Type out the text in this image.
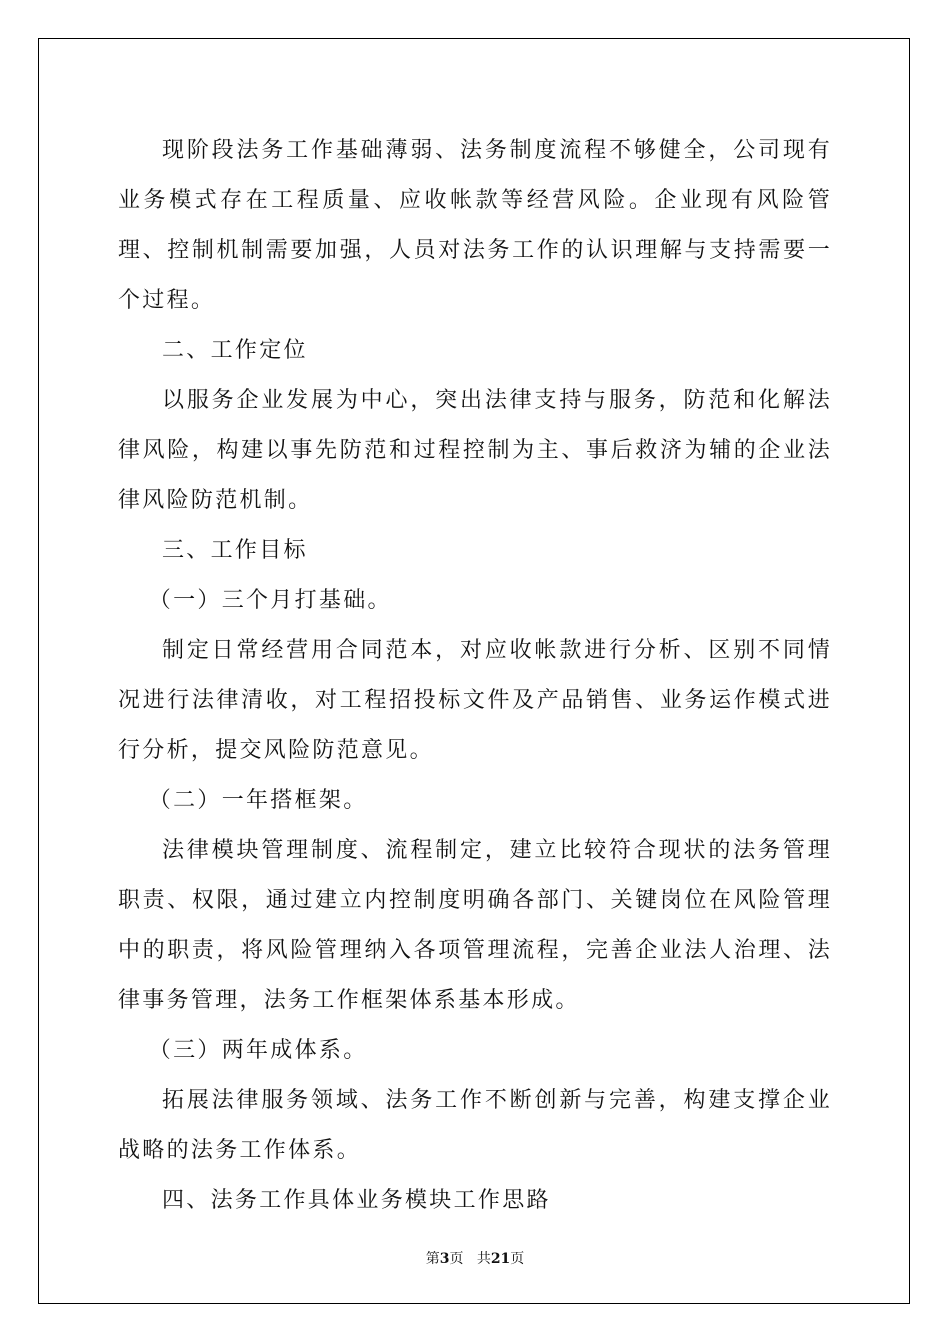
现阶段法务工作基础薄弱、法务制度流程不够健全，公司现有业务模式存在工程质量、应收帐款等经营风险。企业现有风险管理、控制机制需要加强，人员对法务工作的认识理解与支持需要一个过程。

二、工作定位

以服务企业发展为中心，突出法律支持与服务，防范和化解法律风险，构建以事先防范和过程控制为主、事后救济为辅的企业法律风险防范机制。

三、工作目标

（一）三个月打基础。

制定日常经营用合同范本，对应收帐款进行分析、区别不同情况进行法律清收，对工程招投标文件及产品销售、业务运作模式进行分析，提交风险防范意见。

（二）一年搭框架。

法律模块管理制度、流程制定，建立比较符合现状的法务管理职责、权限，通过建立内控制度明确各部门、关键岗位在风险管理中的职责，将风险管理纳入各项管理流程，完善企业法人治理、法律事务管理，法务工作框架体系基本形成。

（三）两年成体系。

拓展法律服务领域、法务工作不断创新与完善，构建支撑企业战略的法务工作体系。

四、法务工作具体业务模块工作思路

第3页 共21页
